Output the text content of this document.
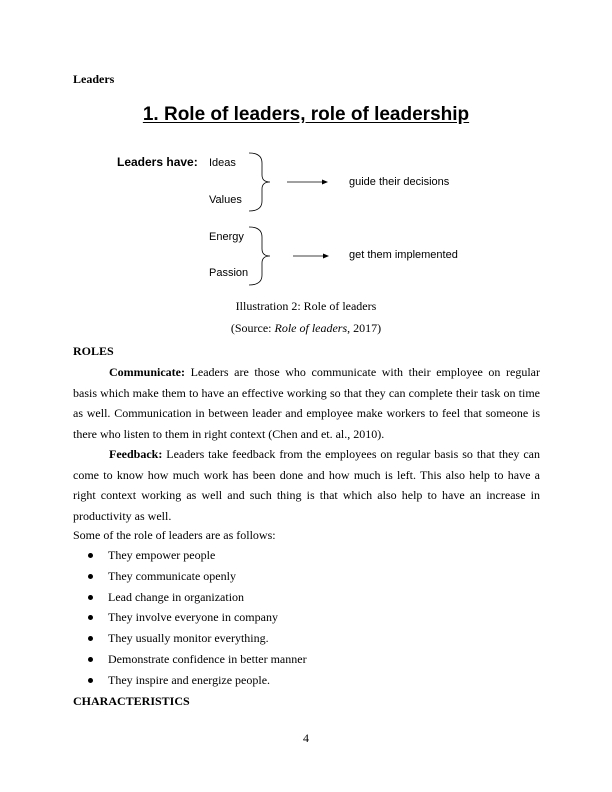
Leaders
1. Role of leaders, role of leadership
Leaders have: Ideas
Values
guide their decisions
Energy
Passion
get them implemented
Illustration 2: Role of leaders
(Source: Role of leaders, 2017)
ROLES
Communicate: Leaders are those who communicate with their employee on regular basis which make them to have an effective working so that they can complete their task on time as well. Communication in between leader and employee make workers to feel that someone is there who listen to them in right context (Chen and et. al., 2010).
Feedback: Leaders take feedback from the employees on regular basis so that they can come to know how much work has been done and how much is left. This also help to have a right context working as well and such thing is that which also help to have an increase in productivity as well.
Some of the role of leaders are as follows:
They empower people
They communicate openly
Lead change in organization
They involve everyone in company
They usually monitor everything.
Demonstrate confidence in better manner
They inspire and energize people.
CHARACTERISTICS
4
